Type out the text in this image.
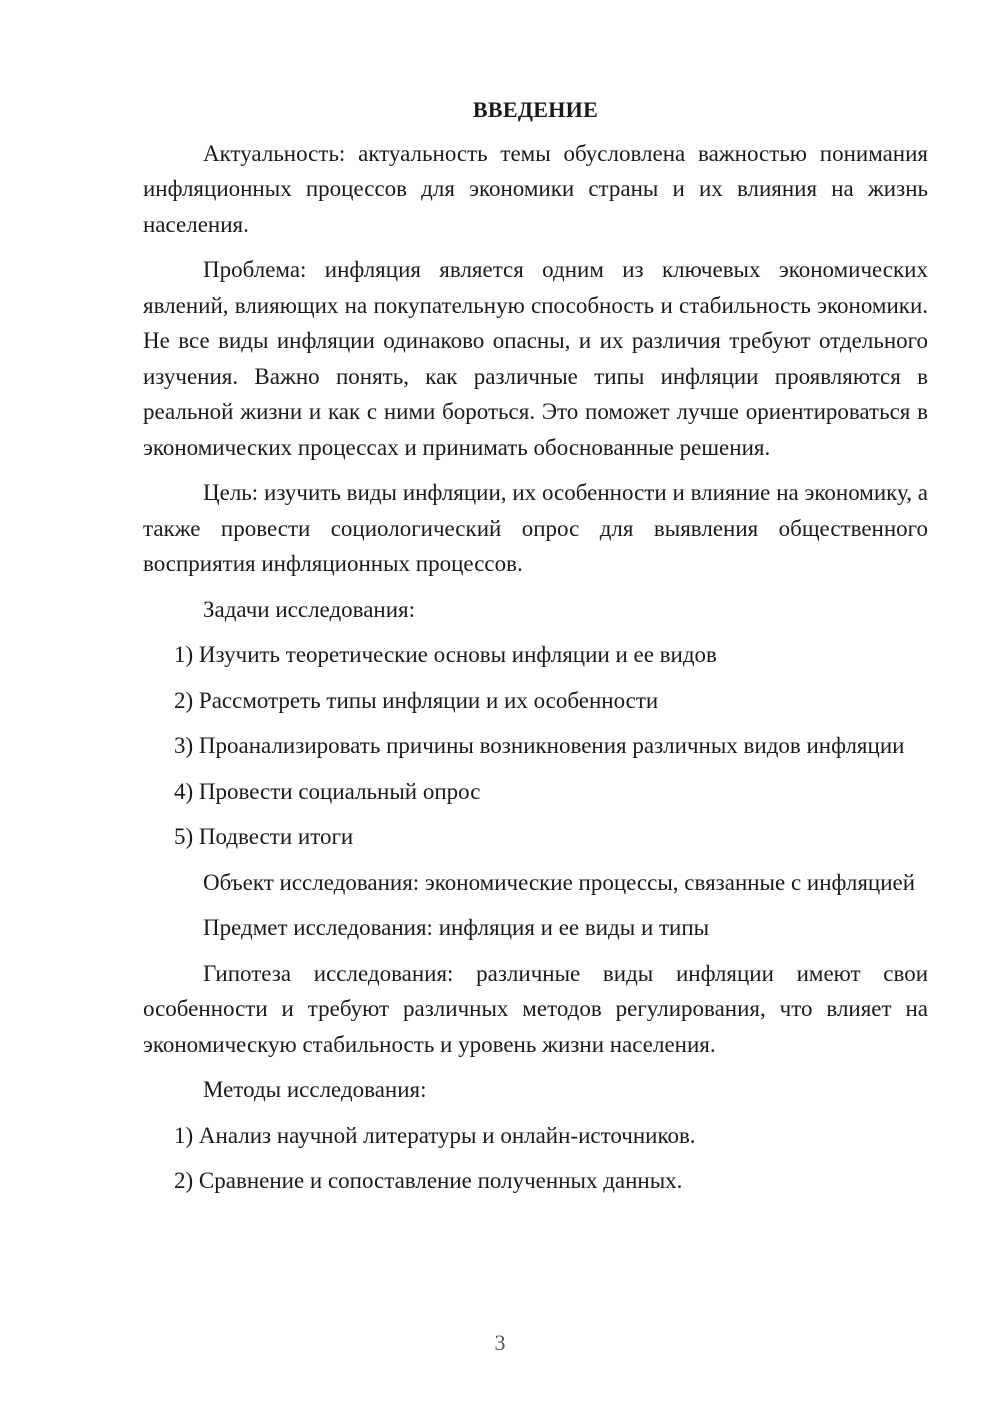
ВВЕДЕНИЕ

Актуальность: актуальность темы обусловлена важностью понимания инфляционных процессов для экономики страны и их влияния на жизнь населения.

Проблема: инфляция является одним из ключевых экономических явлений, влияющих на покупательную способность и стабильность экономики. Не все виды инфляции одинаково опасны, и их различия требуют отдельного изучения. Важно понять, как различные типы инфляции проявляются в реальной жизни и как с ними бороться. Это поможет лучше ориентироваться в экономических процессах и принимать обоснованные решения.

Цель: изучить виды инфляции, их особенности и влияние на экономику, а также провести социологический опрос для выявления общественного восприятия инфляционных процессов.

Задачи исследования:

1) Изучить теоретические основы инфляции и ее видов

2) Рассмотреть типы инфляции и их особенности

3) Проанализировать причины возникновения различных видов инфляции

4) Провести социальный опрос

5) Подвести итоги

Объект исследования: экономические процессы, связанные с инфляцией

Предмет исследования: инфляция и ее виды и типы

Гипотеза исследования: различные виды инфляции имеют свои особенности и требуют различных методов регулирования, что влияет на экономическую стабильность и уровень жизни населения.

Методы исследования:

1) Анализ научной литературы и онлайн-источников.

2) Сравнение и сопоставление полученных данных.

3
